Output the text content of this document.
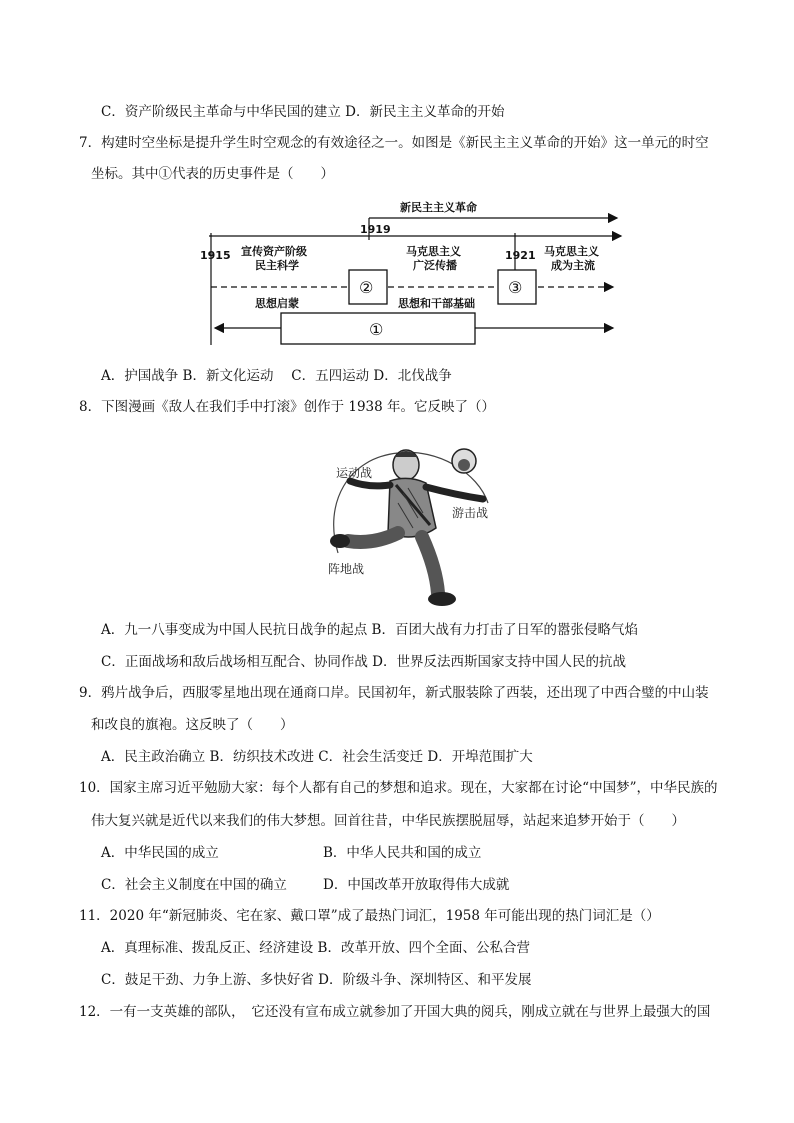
C．资产阶级民主革命与中华民国的建立 D．新民主主义革命的开始
7．构建时空坐标是提升学生时空观念的有效途径之一。如图是《新民主主义革命的开始》这一单元的时空
坐标。其中①代表的历史事件是（　　）
新民主主义革命
1915
1919
1921
宣传资产阶级
民主科学
马克思主义
广泛传播
马克思主义
成为主流
②	③
思想启蒙	思想和干部基础
①
A．护国战争 B．新文化运动　 C．五四运动 D．北伐战争
8．下图漫画《敌人在我们手中打滚》创作于 1938 年。它反映了（）
运动战
游击战
阵地战
A．九一八事变成为中国人民抗日战争的起点 B．百团大战有力打击了日军的嚣张侵略气焰
C．正面战场和敌后战场相互配合、协同作战 D．世界反法西斯国家支持中国人民的抗战
9．鸦片战争后，西服零星地出现在通商口岸。民国初年，新式服装除了西装，还出现了中西合璧的中山装
和改良的旗袍。这反映了（　　）
A．民主政治确立 B．纺织技术改进 C．社会生活变迁 D．开埠范围扩大
10．国家主席习近平勉励大家：每个人都有自己的梦想和追求。现在，大家都在讨论“中国梦”，中华民族的
伟大复兴就是近代以来我们的伟大梦想。回首往昔，中华民族摆脱屈辱，站起来追梦开始于（　　）
A．中华民国的成立	B．中华人民共和国的成立
C．社会主义制度在中国的确立	D．中国改革开放取得伟大成就
11．2020 年“新冠肺炎、宅在家、戴口罩”成了最热门词汇，1958 年可能出现的热门词汇是（）
A．真理标准、拨乱反正、经济建设 B．改革开放、四个全面、公私合营
C．鼓足干劲、力争上游、多快好省 D．阶级斗争、深圳特区、和平发展
12．一有一支英雄的部队，　它还没有宣布成立就参加了开国大典的阅兵，刚成立就在与世界上最强大的国
